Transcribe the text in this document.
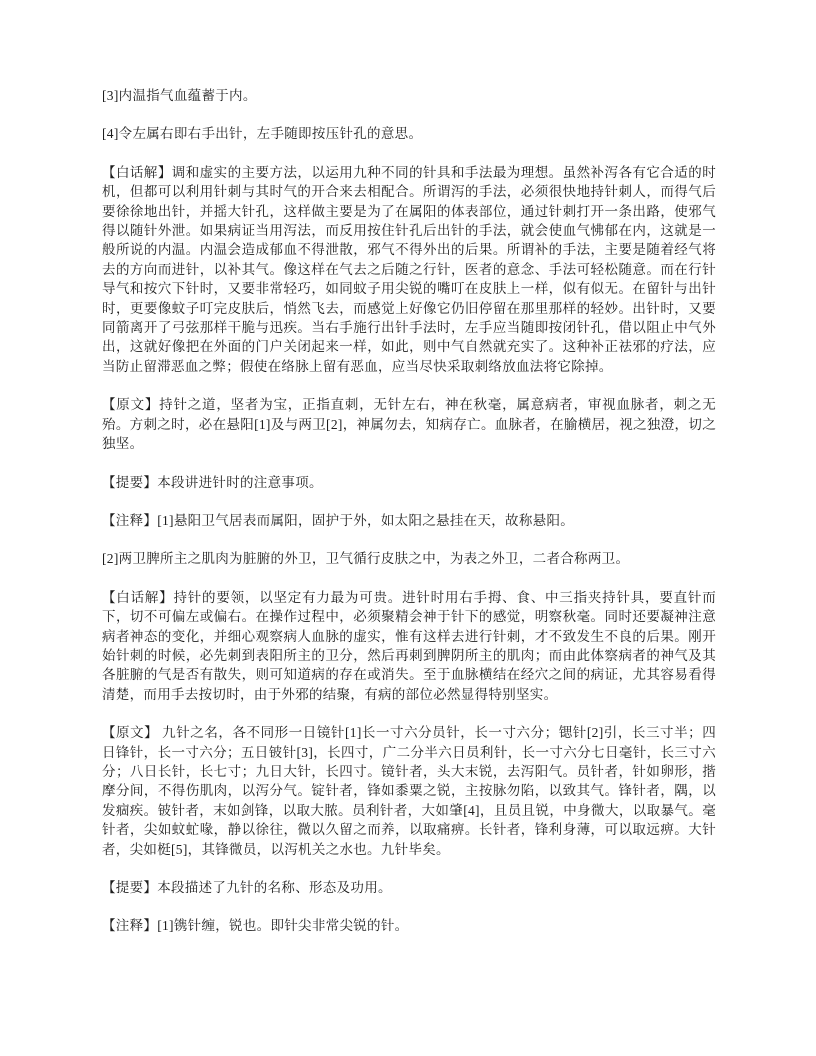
[3]内温指气血蕴蓄于内。

[4]令左属右即右手出针，左手随即按压针孔的意思。

【白话解】调和虚实的主要方法，以运用九种不同的针具和手法最为理想。虽然补泻各有它合适的时机，但都可以利用针刺与其时气的开合来去相配合。所谓泻的手法，必须很快地持针刺人，而得气后要徐徐地出针，并摇大针孔，这样做主要是为了在属阳的体表部位，通过针刺打开一条出路，使邪气得以随针外泄。如果病证当用泻法，而反用按住针孔后出针的手法，就会使血气怫郁在内，这就是一般所说的内温。内温会造成郁血不得泄散，邪气不得外出的后果。所谓补的手法，主要是随着经气将去的方向而进针，以补其气。像这样在气去之后随之行针，医者的意念、手法可轻松随意。而在行针导气和按穴下针时，又要非常轻巧，如同蚊子用尖锐的嘴叮在皮肤上一样，似有似无。在留针与出针时，更要像蚊子叮完皮肤后，悄然飞去，而感觉上好像它仍旧停留在那里那样的轻妙。出针时，又要同箭离开了弓弦那样干脆与迅疾。当右手施行出针手法时，左手应当随即按闭针孔，借以阻止中气外出，这就好像把在外面的门户关闭起来一样，如此，则中气自然就充实了。这种补正祛邪的疗法，应当防止留滞恶血之弊；假使在络脉上留有恶血，应当尽快采取刺络放血法将它除掉。

【原文】持针之道，坚者为宝，正指直刺，无针左右，神在秋毫，属意病者，审视血脉者，刺之无殆。方刺之时，必在悬阳[1]及与两卫[2]，神属勿去，知病存亡。血脉者，在腧横居，视之独澄，切之独坚。

【提要】本段讲进针时的注意事项。

【注释】[1]悬阳卫气居表而属阳，固护于外，如太阳之悬挂在天，故称悬阳。

[2]两卫脾所主之肌肉为脏腑的外卫，卫气循行皮肤之中，为表之外卫，二者合称两卫。

【白话解】持针的要领，以坚定有力最为可贵。进针时用右手拇、食、中三指夹持针具，要直针而下，切不可偏左或偏右。在操作过程中，必须聚精会神于针下的感觉，明察秋毫。同时还要凝神注意病者神态的变化，并细心观察病人血脉的虚实，惟有这样去进行针刺，才不致发生不良的后果。刚开始针刺的时候，必先刺到表阳所主的卫分，然后再刺到脾阴所主的肌肉；而由此体察病者的神气及其各脏腑的气是否有散失，则可知道病的存在或消失。至于血脉横结在经穴之间的病证，尤其容易看得清楚，而用手去按切时，由于外邪的结聚，有病的部位必然显得特别坚实。

【原文】 九针之名，各不同形一日镜针[1]长一寸六分员针，长一寸六分；锶针[2]引，长三寸半；四日锋针，长一寸六分；五日铍针[3]，长四寸，广二分半六日员利针，长一寸六分七日毫针，长三寸六分；八日长针，长七寸；九日大针，长四寸。镜针者，头大末锐，去泻阳气。员针者，针如卵形，揩摩分间，不得伤肌肉，以泻分气。锭针者，锋如黍粟之锐，主按脉勿陷，以致其气。锋针者，隅，以发痼疾。铍针者，末如剑锋，以取大脓。员利针者，大如肇[4]，且员且锐，中身微大，以取暴气。毫针者，尖如蚊虻喙，静以徐往，微以久留之而养，以取痛痹。长针者，锋利身薄，可以取远痹。大针者，尖如梃[5]，其锋微员，以泻机关之水也。九针毕矣。

【提要】本段描述了九针的名称、形态及功用。

【注释】[1]镌针缠，锐也。即针尖非常尖锐的针。
